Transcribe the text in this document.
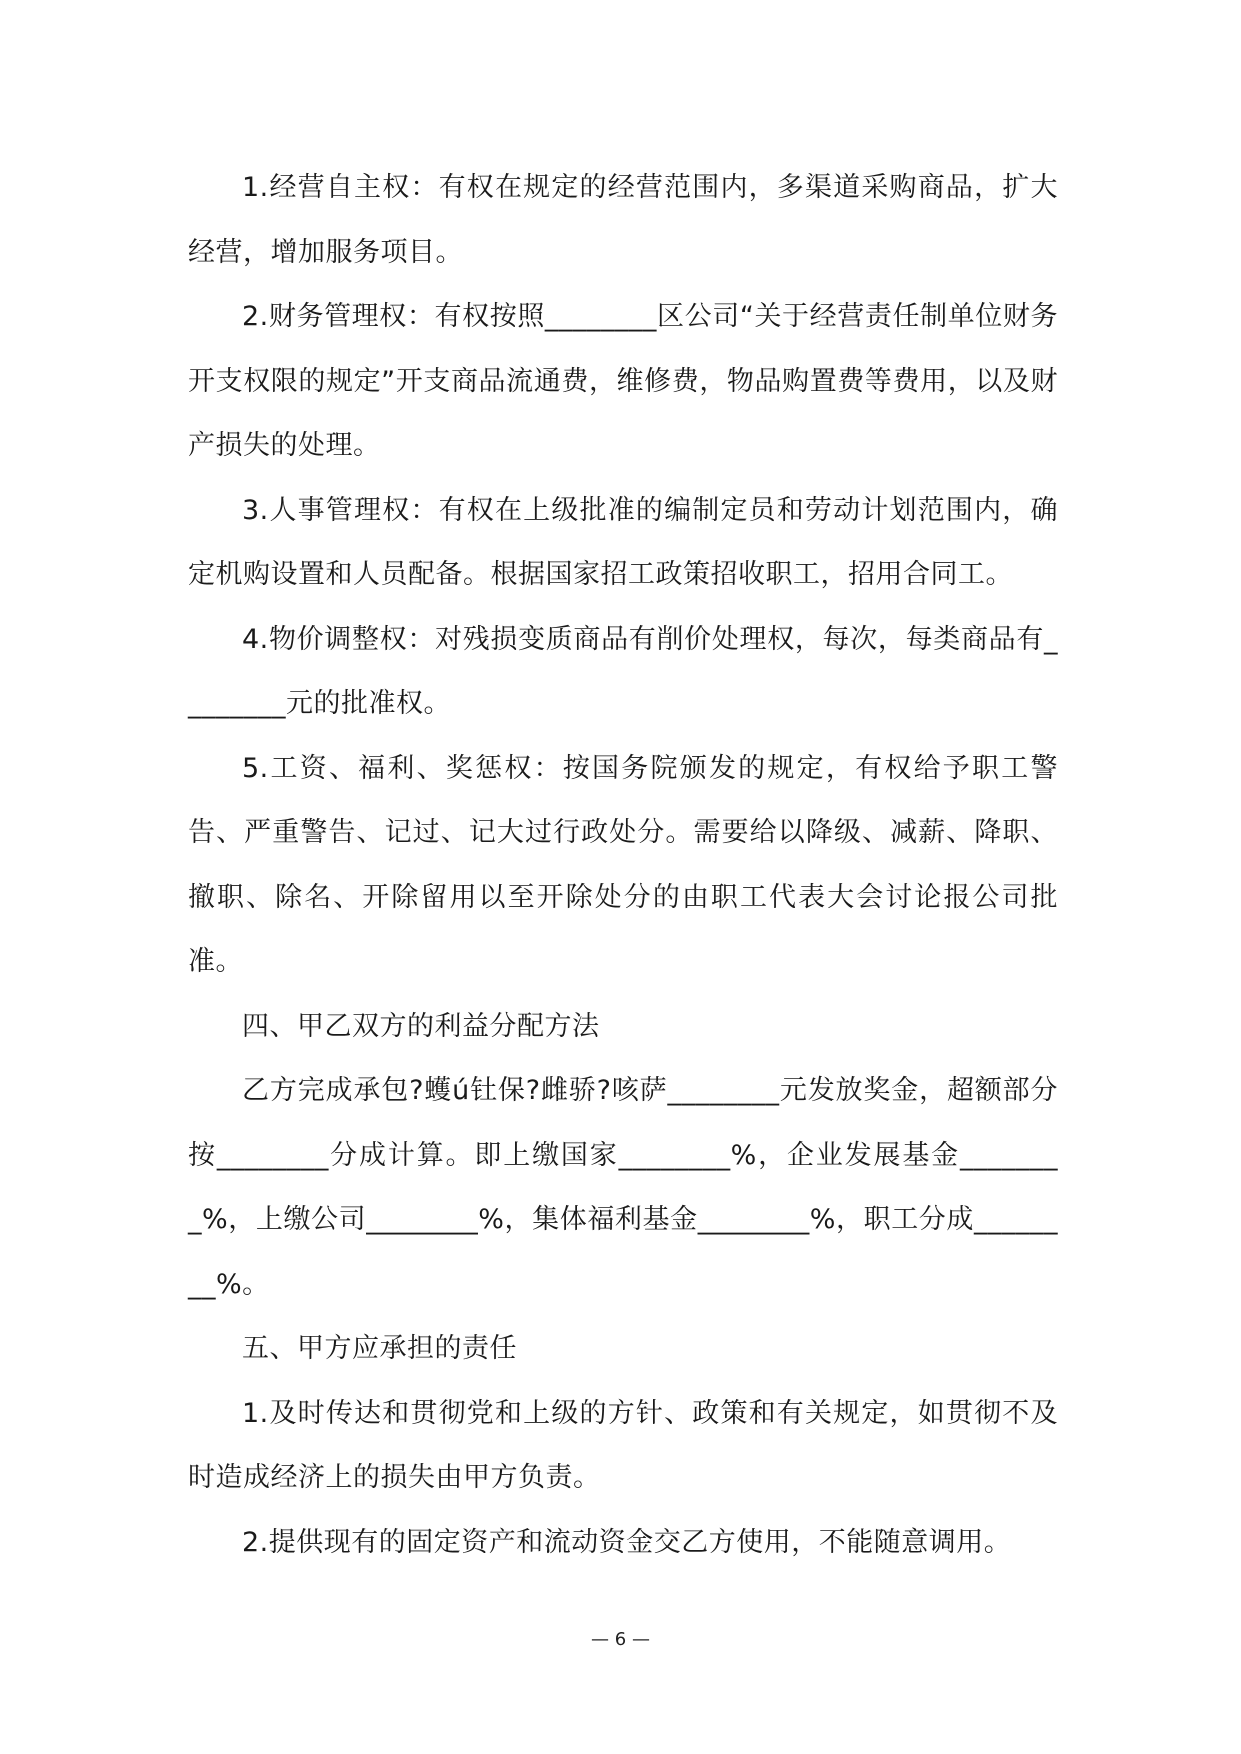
1.经营自主权：有权在规定的经营范围内，多渠道采购商品，扩大经营，增加服务项目。

2.财务管理权：有权按照________区公司“关于经营责任制单位财务开支权限的规定”开支商品流通费，维修费，物品购置费等费用，以及财产损失的处理。

3.人事管理权：有权在上级批准的编制定员和劳动计划范围内，确定机购设置和人员配备。根据国家招工政策招收职工，招用合同工。

4.物价调整权：对残损变质商品有削价处理权，每次，每类商品有________元的批准权。

5.工资、福利、奖惩权：按国务院颁发的规定，有权给予职工警告、严重警告、记过、记大过行政处分。需要给以降级、减薪、降职、撤职、除名、开除留用以至开除处分的由职工代表大会讨论报公司批准。

四、甲乙双方的利益分配方法

乙方完成承包?蠖ú钍保?雌骄?咳萨________元发放奖金，超额部分按________分成计算。即上缴国家________%，企业发展基金________%，上缴公司________%，集体福利基金________%，职工分成________%。

五、甲方应承担的责任

1.及时传达和贯彻党和上级的方针、政策和有关规定，如贯彻不及时造成经济上的损失由甲方负责。

2.提供现有的固定资产和流动资金交乙方使用，不能随意调用。

— 6 —
